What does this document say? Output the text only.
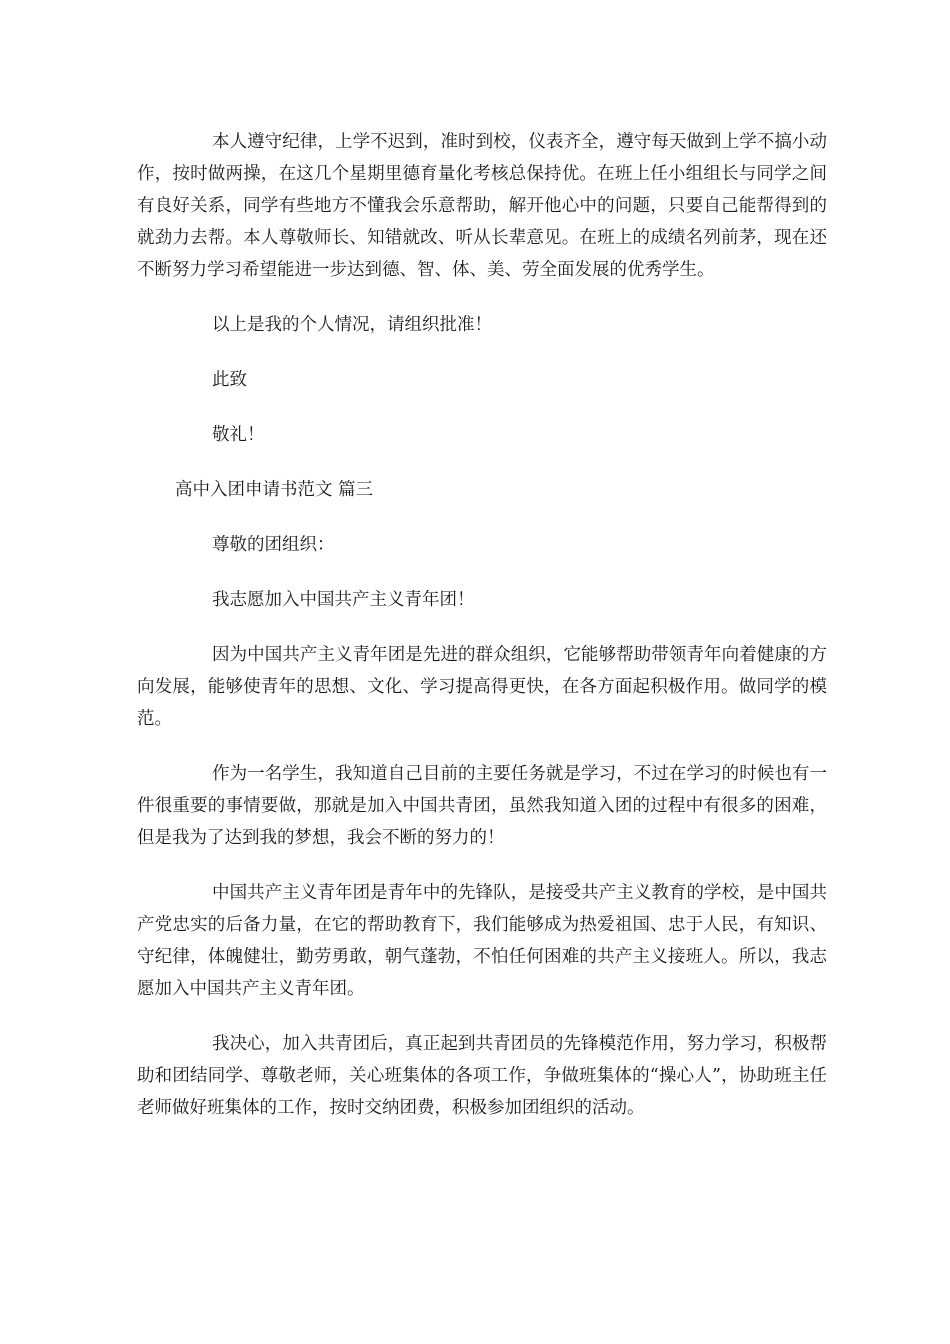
本人遵守纪律，上学不迟到，准时到校，仪表齐全，遵守每天做到上学不搞小动作，按时做两操，在这几个星期里德育量化考核总保持优。在班上任小组组长与同学之间有良好关系，同学有些地方不懂我会乐意帮助，解开他心中的问题，只要自己能帮得到的就劲力去帮。本人尊敬师长、知错就改、听从长辈意见。在班上的成绩名列前茅，现在还不断努力学习希望能进一步达到德、智、体、美、劳全面发展的优秀学生。

以上是我的个人情况，请组织批准！

此致

敬礼！

高中入团申请书范文 篇三

尊敬的团组织：

我志愿加入中国共产主义青年团！

因为中国共产主义青年团是先进的群众组织，它能够帮助带领青年向着健康的方向发展，能够使青年的思想、文化、学习提高得更快，在各方面起积极作用。做同学的模范。

作为一名学生，我知道自己目前的主要任务就是学习，不过在学习的时候也有一件很重要的事情要做，那就是加入中国共青团，虽然我知道入团的过程中有很多的困难，但是我为了达到我的梦想，我会不断的努力的！

中国共产主义青年团是青年中的先锋队，是接受共产主义教育的学校，是中国共产党忠实的后备力量，在它的帮助教育下，我们能够成为热爱祖国、忠于人民，有知识、守纪律，体魄健壮，勤劳勇敢，朝气蓬勃，不怕任何困难的共产主义接班人。所以，我志愿加入中国共产主义青年团。

我决心，加入共青团后，真正起到共青团员的先锋模范作用，努力学习，积极帮助和团结同学、尊敬老师，关心班集体的各项工作，争做班集体的“操心人”，协助班主任老师做好班集体的工作，按时交纳团费，积极参加团组织的活动。
